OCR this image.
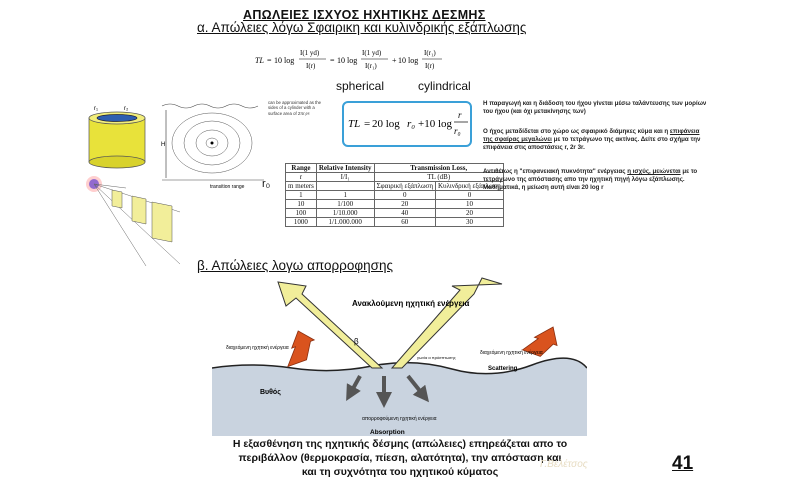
ΑΠΩΛΕΙΕΣ ΙΣΧΥΟΣ ΗΧΗΤΙΚΗΣ ΔΕΣΜΗΣ
α. Απώλειες λόγω Σφαιρικη και κυλινδρικής εξάπλωσης
TL = 10 log
I(1 yd)
I(r)
= 10 log
I(1 yd)
I(r₁)
+ 10 log
I(r₁)
I(r)
spherical	cylindrical
TL = 20 log r₀ +10 log
r
r₀
r₁	r₂
H
transition range
can be approximated as the sides of a cylinder with a surface area of 2πr₀H
r₀
Range	Relative Intensity	Transmission Loss,	
r	I/I₁	TL (dB)	
m meters		Σφαιρική εξάπλωση	Κυλινδρική εξάπλωση
1	1	0	0
10	1/100	20	10
100	1/10.000	40	20
1000	1/1.000.000	60	30
Η παραγωγή και η διάδοση του ήχου γίνεται μέσω ταλάντευσης των μορίων του ήχου (και όχι μετακίνησης των)
Ο ήχος μεταδίδεται στο χώρο ως σφαιρικό διάμηκες κύμα και η επιφάνεια της σφαίρας μεγαλώνει με το τετράγωνο της ακτίνας. Δείτε στο σχήμα την επιφάνεια στις αποστάσεις r, 2r 3r.
Αντιθέτως η "επιφανειακή πυκνότητα" ενέργειας η ισχύς, μειώνεται με το τετράγωνο της απόστασης απο την ηχητική πηγή λόγω εξάπλωσης. Μαθηματικά, η μείωση αυτή είναι 20 log r
β. Απώλειες λογω απορροφησης
β
Ανακλούμενη ηχητική ενέργεια
διαχεόμενη ηχητική ενέργεια
διαχεόμενη ηχητική ενέργεια
Scattering
γωνία α πρόσπτωσης
Βυθός
απορροφούμενη ηχητική ενέργεια
Absorption
Η εξασθένηση της ηχητικής δέσμης (απώλειες) επηρεάζεται απο το
περιβάλλον (θερμοκρασία, πίεση, αλατότητα), την απόσταση και
και τη συχνότητα του ηχητικού κύματος
Γ.Βελέτσος	41
